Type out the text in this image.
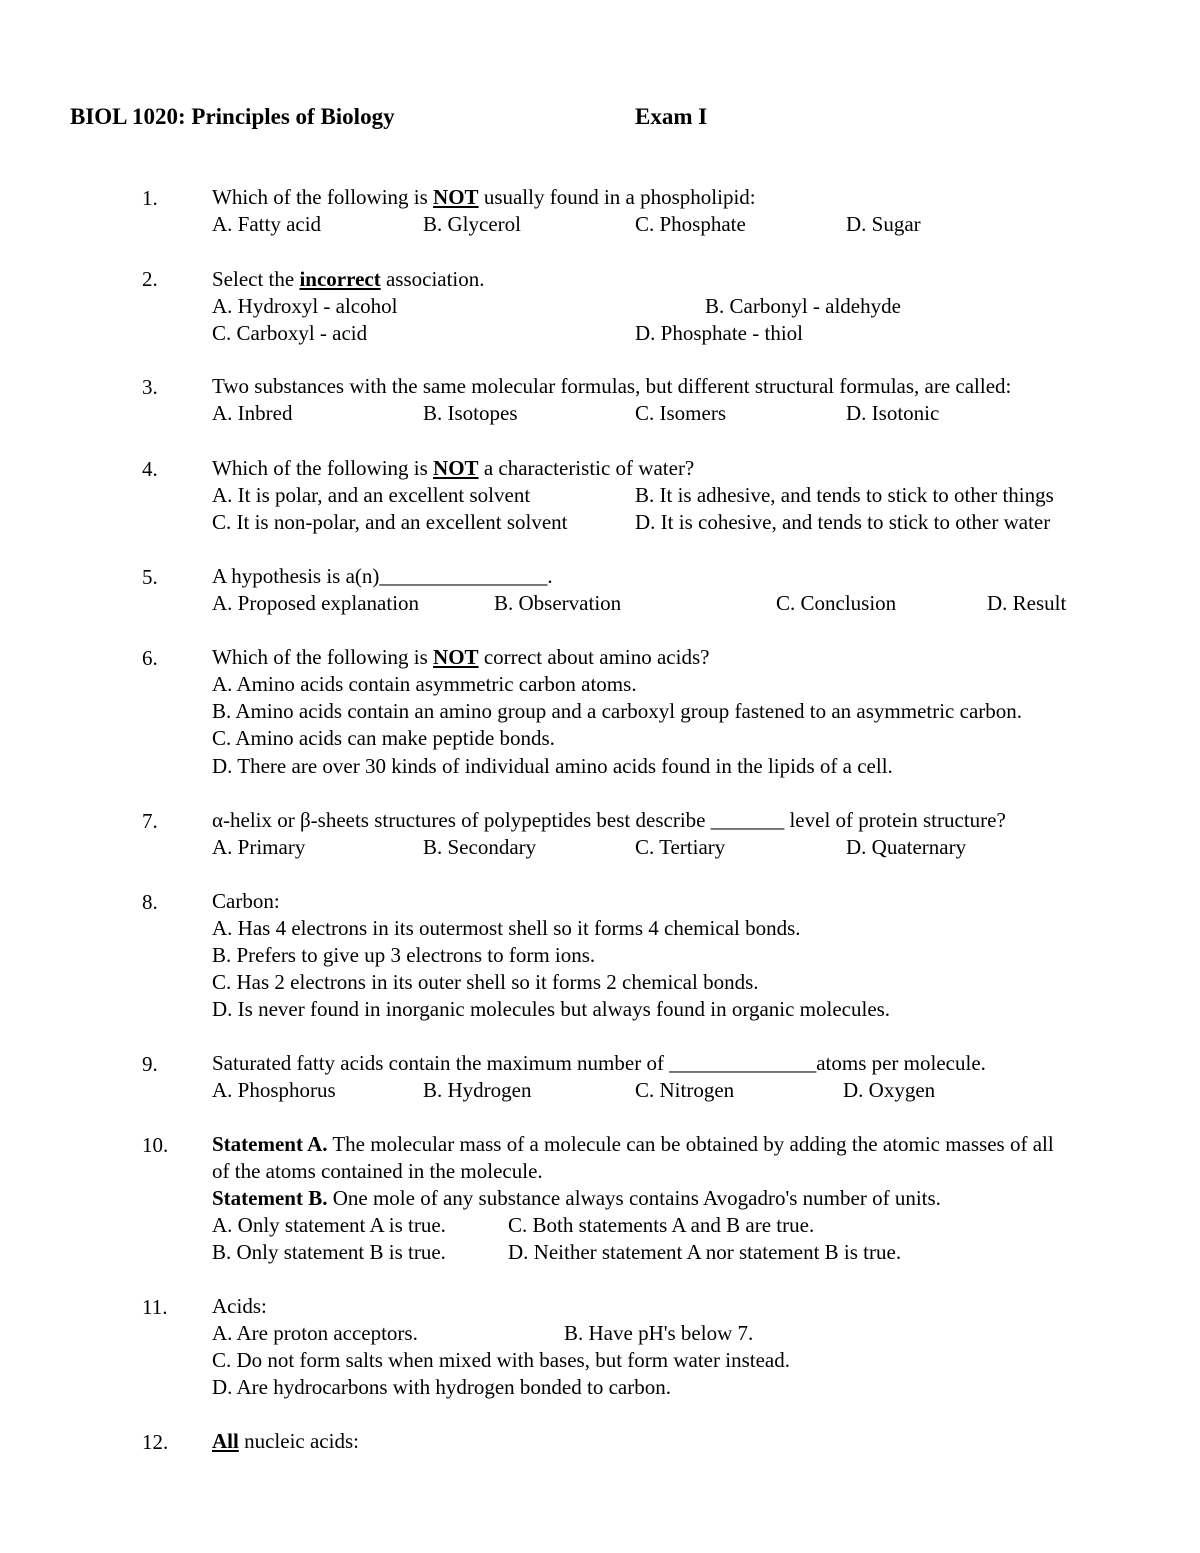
BIOL 1020: Principles of Biology	Exam I
1.	Which of the following is NOT usually found in a phospholipid:
A. Fatty acid	B. Glycerol	C. Phosphate	D. Sugar
2.	Select the incorrect association.
A. Hydroxyl - alcohol	B. Carbonyl - aldehyde
C. Carboxyl - acid	D. Phosphate - thiol
3.	Two substances with the same molecular formulas, but different structural formulas, are called:
A. Inbred	B. Isotopes	C. Isomers	D. Isotonic
4.	Which of the following is NOT a characteristic of water?
A. It is polar, and an excellent solvent	B. It is adhesive, and tends to stick to other things
C. It is non-polar, and an excellent solvent	D. It is cohesive, and tends to stick to other water
5.	A hypothesis is a(n)________________.
A. Proposed explanation	B. Observation	C. Conclusion	D. Result
6.	Which of the following is NOT correct about amino acids?
A. Amino acids contain asymmetric carbon atoms.
B. Amino acids contain an amino group and a carboxyl group fastened to an asymmetric carbon.
C. Amino acids can make peptide bonds.
D. There are over 30 kinds of individual amino acids found in the lipids of a cell.
7.	α-helix or β-sheets structures of polypeptides best describe _______ level of protein structure?
A. Primary	B. Secondary	C. Tertiary	D. Quaternary
8.	Carbon:
A. Has 4 electrons in its outermost shell so it forms 4 chemical bonds.
B. Prefers to give up 3 electrons to form ions.
C. Has 2 electrons in its outer shell so it forms 2 chemical bonds.
D. Is never found in inorganic molecules but always found in organic molecules.
9.	Saturated fatty acids contain the maximum number of ______________atoms per molecule.
A. Phosphorus	B. Hydrogen	C. Nitrogen	D. Oxygen
10. Statement A. The molecular mass of a molecule can be obtained by adding the atomic masses of all
of the atoms contained in the molecule.
Statement B. One mole of any substance always contains Avogadro's number of units.
A. Only statement A is true.	C. Both statements A and B are true.
B. Only statement B is true.	D. Neither statement A nor statement B is true.
11. Acids:
A. Are proton acceptors.	B. Have pH's below 7.
C. Do not form salts when mixed with bases, but form water instead.
D. Are hydrocarbons with hydrogen bonded to carbon.
12. All nucleic acids:
